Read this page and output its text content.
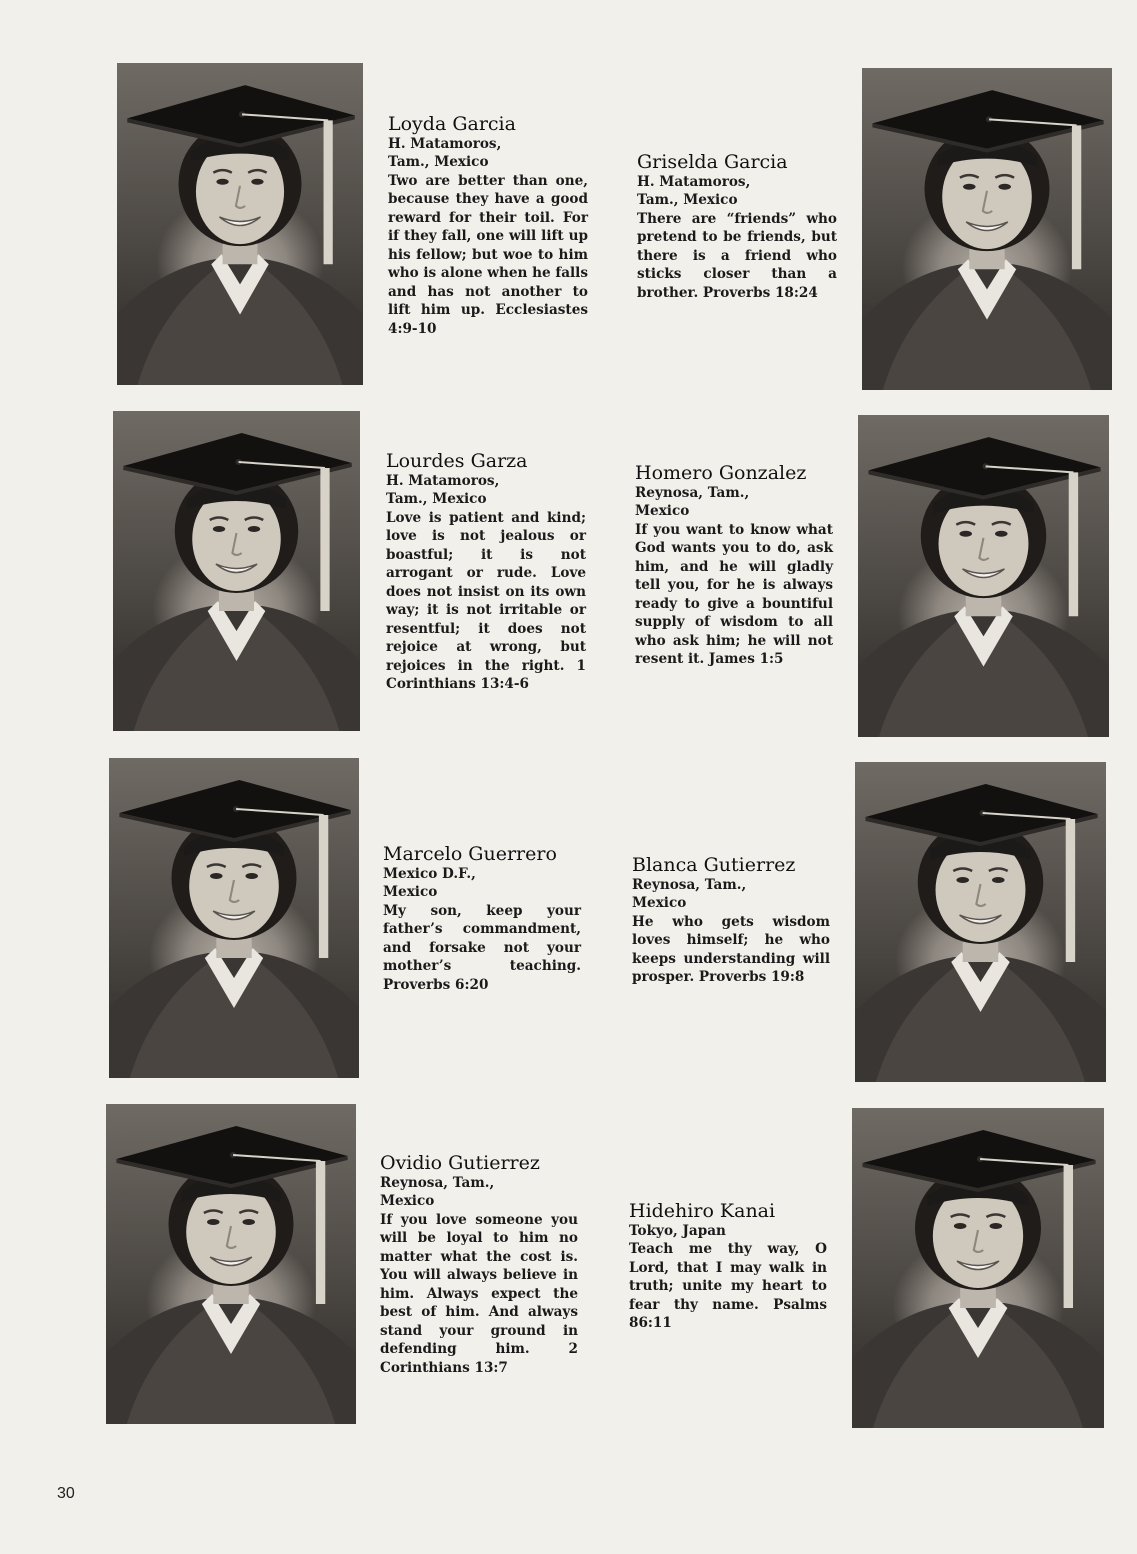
Loyda Garcia
H. Matamoros,
Tam., Mexico
Two are better than one, because they have a good reward for their toil. For if they fall, one will lift up his fellow; but woe to him who is alone when he falls and has not another to lift him up. Ecclesiastes 4:9-10
Griselda Garcia
H. Matamoros,
Tam., Mexico
There are “friends” who pretend to be friends, but there is a friend who sticks closer than a brother. Proverbs 18:24
Lourdes Garza
H. Matamoros,
Tam., Mexico
Love is patient and kind; love is not jealous or boastful; it is not arrogant or rude. Love does not insist on its own way; it is not irritable or resentful; it does not rejoice at wrong, but rejoices in the right. 1 Corinthians 13:4-6
Homero Gonzalez
Reynosa, Tam.,
Mexico
If you want to know what God wants you to do, ask him, and he will gladly tell you, for he is always ready to give a bountiful supply of wisdom to all who ask him; he will not resent it. James 1:5
Marcelo Guerrero
Mexico D.F.,
Mexico
My son, keep your father’s commandment, and forsake not your mother’s teaching. Proverbs 6:20
Blanca Gutierrez
Reynosa, Tam.,
Mexico
He who gets wisdom loves himself; he who keeps understanding will prosper. Proverbs 19:8
Ovidio Gutierrez
Reynosa, Tam.,
Mexico
If you love someone you will be loyal to him no matter what the cost is. You will always believe in him. Always expect the best of him. And always stand your ground in defending him. 2 Corinthians 13:7
Hidehiro Kanai
Tokyo, Japan
Teach me thy way, O Lord, that I may walk in truth; unite my heart to fear thy name. Psalms 86:11
30
